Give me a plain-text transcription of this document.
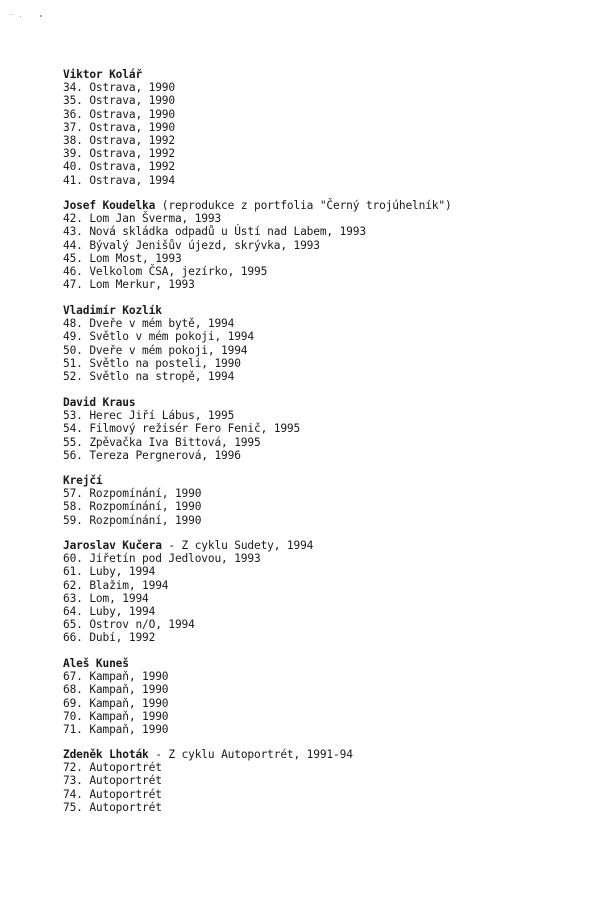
Viktor Kolář
34. Ostrava, 1990
35. Ostrava, 1990
36. Ostrava, 1990
37. Ostrava, 1990
38. Ostrava, 1992
39. Ostrava, 1992
40. Ostrava, 1992
41. Ostrava, 1994
Josef Koudelka (reprodukce z portfolia "Černý trojúhelník")
42. Lom Jan Šverma, 1993
43. Nová skládka odpadů u Ústí nad Labem, 1993
44. Bývalý Jenišův újezd, skrývka, 1993
45. Lom Most, 1993
46. Velkolom ČSA, jezírko, 1995
47. Lom Merkur, 1993
Vladimír Kozlík
48. Dveře v mém bytě, 1994
49. Světlo v mém pokoji, 1994
50. Dveře v mém pokoji, 1994
51. Světlo na posteli, 1990
52. Světlo na stropě, 1994
David Kraus
53. Herec Jiří Lábus, 1995
54. Filmový režisér Fero Fenič, 1995
55. Zpěvačka Iva Bittová, 1995
56. Tereza Pergnerová, 1996
Krejčí
57. Rozpomínání, 1990
58. Rozpomínání, 1990
59. Rozpomínání, 1990
Jaroslav Kučera - Z cyklu Sudety, 1994
60. Jiřetín pod Jedlovou, 1993
61. Luby, 1994
62. Blažim, 1994
63. Lom, 1994
64. Luby, 1994
65. Ostrov n/O, 1994
66. Dubí, 1992
Aleš Kuneš
67. Kampaň, 1990
68. Kampaň, 1990
69. Kampaň, 1990
70. Kampaň, 1990
71. Kampaň, 1990
Zdeněk Lhoták - Z cyklu Autoportrét, 1991-94
72. Autoportrét
73. Autoportrét
74. Autoportrét
75. Autoportrét
